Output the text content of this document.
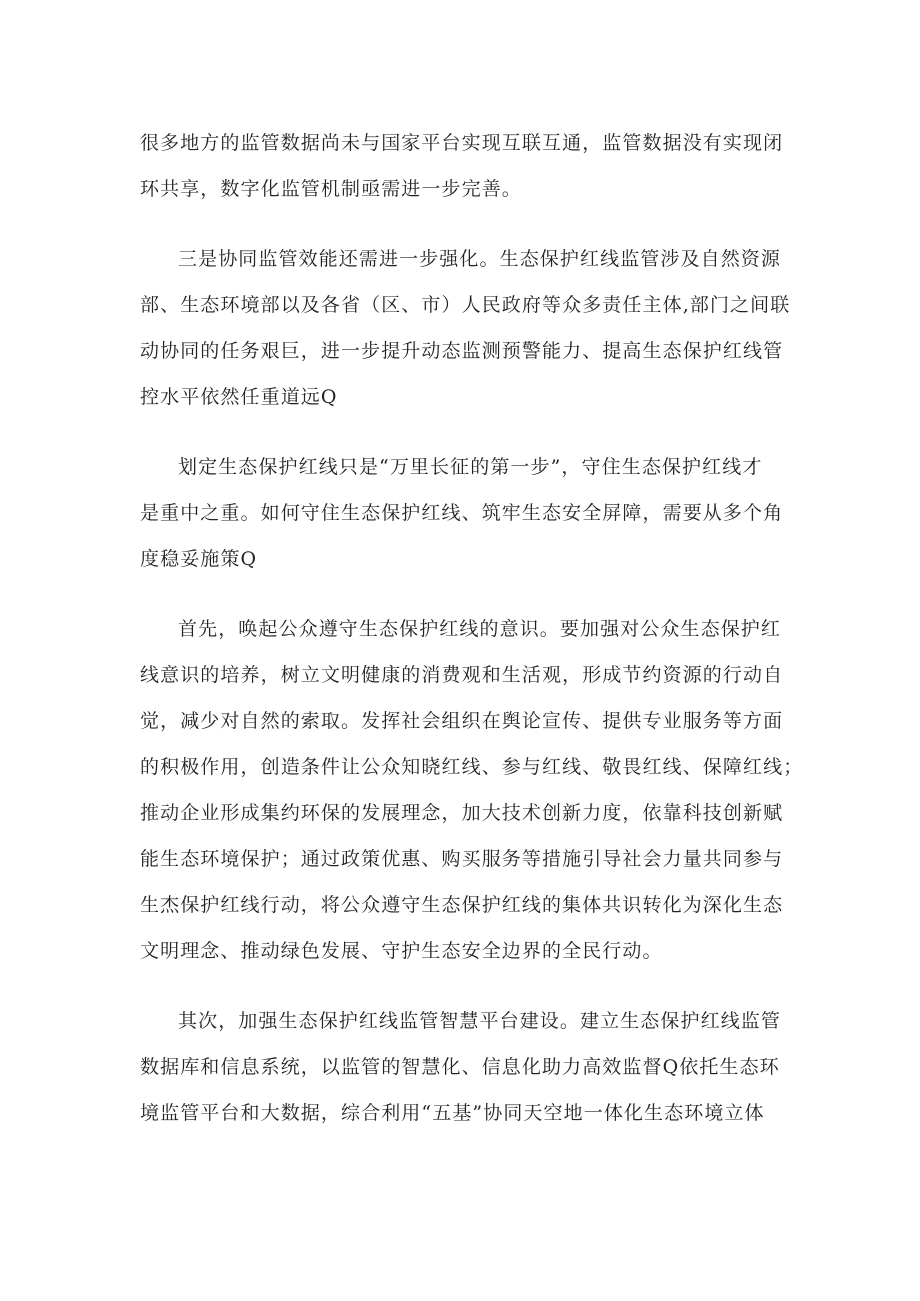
很多地方的监管数据尚未与国家平台实现互联互通，监管数据没有实现闭
环共享，数字化监管机制亟需进一步完善。
三是协同监管效能还需进一步强化。生态保护红线监管涉及自然资源
部、生态环境部以及各省（区、市）人民政府等众多责任主体,部门之间联
动协同的任务艰巨，进一步提升动态监测预警能力、提高生态保护红线管
控水平依然任重道远Q
划定生态保护红线只是“万里长征的第一步”，守住生态保护红线才
是重中之重。如何守住生态保护红线、筑牢生态安全屏障，需要从多个角
度稳妥施策Q
首先，唤起公众遵守生态保护红线的意识。要加强对公众生态保护红
线意识的培养，树立文明健康的消费观和生活观，形成节约资源的行动自
觉，减少对自然的索取。发挥社会组织在舆论宣传、提供专业服务等方面
的积极作用，创造条件让公众知晓红线、参与红线、敬畏红线、保障红线；
推动企业形成集约环保的发展理念，加大技术创新力度，依靠科技创新赋
能生态环境保护；通过政策优惠、购买服务等措施引导社会力量共同参与
生杰保护红线行动，将公众遵守生态保护红线的集体共识转化为深化生态
文明理念、推动绿色发展、守护生态安全边界的全民行动。
其次，加强生态保护红线监管智慧平台建设。建立生态保护红线监管
数据库和信息系统，以监管的智慧化、信息化助力高效监督Q依托生态环
境监管平台和大数据，综合利用“五基”协同天空地一体化生态环境立体
